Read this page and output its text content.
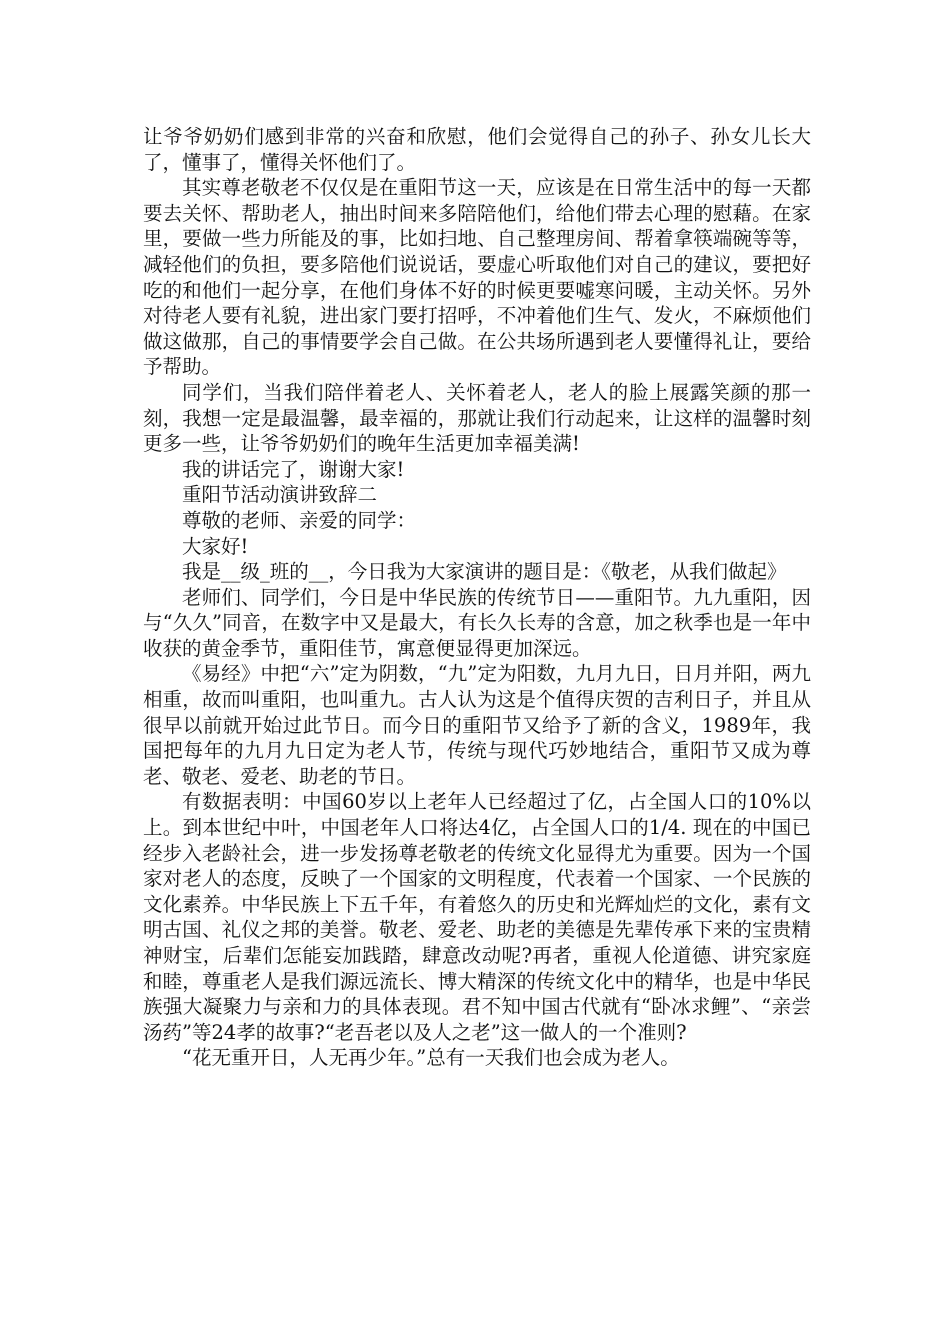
让爷爷奶奶们感到非常的兴奋和欣慰，他们会觉得自己的孙子、孙女儿长大了，懂事了，懂得关怀他们了。

其实尊老敬老不仅仅是在重阳节这一天，应该是在日常生活中的每一天都要去关怀、帮助老人，抽出时间来多陪陪他们，给他们带去心理的慰藉。在家里，要做一些力所能及的事，比如扫地、自己整理房间、帮着拿筷端碗等等，减轻他们的负担，要多陪他们说说话，要虚心听取他们对自己的建议，要把好吃的和他们一起分享，在他们身体不好的时候更要嘘寒问暖，主动关怀。另外对待老人要有礼貌，进出家门要打招呼，不冲着他们生气、发火，不麻烦他们做这做那，自己的事情要学会自己做。在公共场所遇到老人要懂得礼让，要给予帮助。

同学们，当我们陪伴着老人、关怀着老人，老人的脸上展露笑颜的那一刻，我想一定是最温馨，最幸福的，那就让我们行动起来，让这样的温馨时刻更多一些，让爷爷奶奶们的晚年生活更加幸福美满!

我的讲话完了，谢谢大家!

重阳节活动演讲致辞二

尊敬的老师、亲爱的同学：

大家好!

我是__级_班的__，今日我为大家演讲的题目是：《敬老，从我们做起》

老师们、同学们，今日是中华民族的传统节日——重阳节。九九重阳，因与“久久”同音，在数字中又是最大，有长久长寿的含意，加之秋季也是一年中收获的黄金季节，重阳佳节，寓意便显得更加深远。

《易经》中把“六”定为阴数，“九”定为阳数，九月九日，日月并阳，两九相重，故而叫重阳，也叫重九。古人认为这是个值得庆贺的吉利日子，并且从很早以前就开始过此节日。而今日的重阳节又给予了新的含义，1989年，我国把每年的九月九日定为老人节，传统与现代巧妙地结合，重阳节又成为尊老、敬老、爱老、助老的节日。

有数据表明：中国60岁以上老年人已经超过了亿，占全国人口的10%以上。到本世纪中叶，中国老年人口将达4亿，占全国人口的1/4. 现在的中国已经步入老龄社会，进一步发扬尊老敬老的传统文化显得尤为重要。因为一个国家对老人的态度，反映了一个国家的文明程度，代表着一个国家、一个民族的文化素养。中华民族上下五千年，有着悠久的历史和光辉灿烂的文化，素有文明古国、礼仪之邦的美誉。敬老、爱老、助老的美德是先辈传承下来的宝贵精神财宝，后辈们怎能妄加践踏，肆意改动呢?再者，重视人伦道德、讲究家庭和睦，尊重老人是我们源远流长、博大精深的传统文化中的精华，也是中华民族强大凝聚力与亲和力的具体表现。君不知中国古代就有“卧冰求鲤”、“亲尝汤药”等24孝的故事?“老吾老以及人之老”这一做人的一个准则?

“花无重开日，人无再少年。”总有一天我们也会成为老人。
